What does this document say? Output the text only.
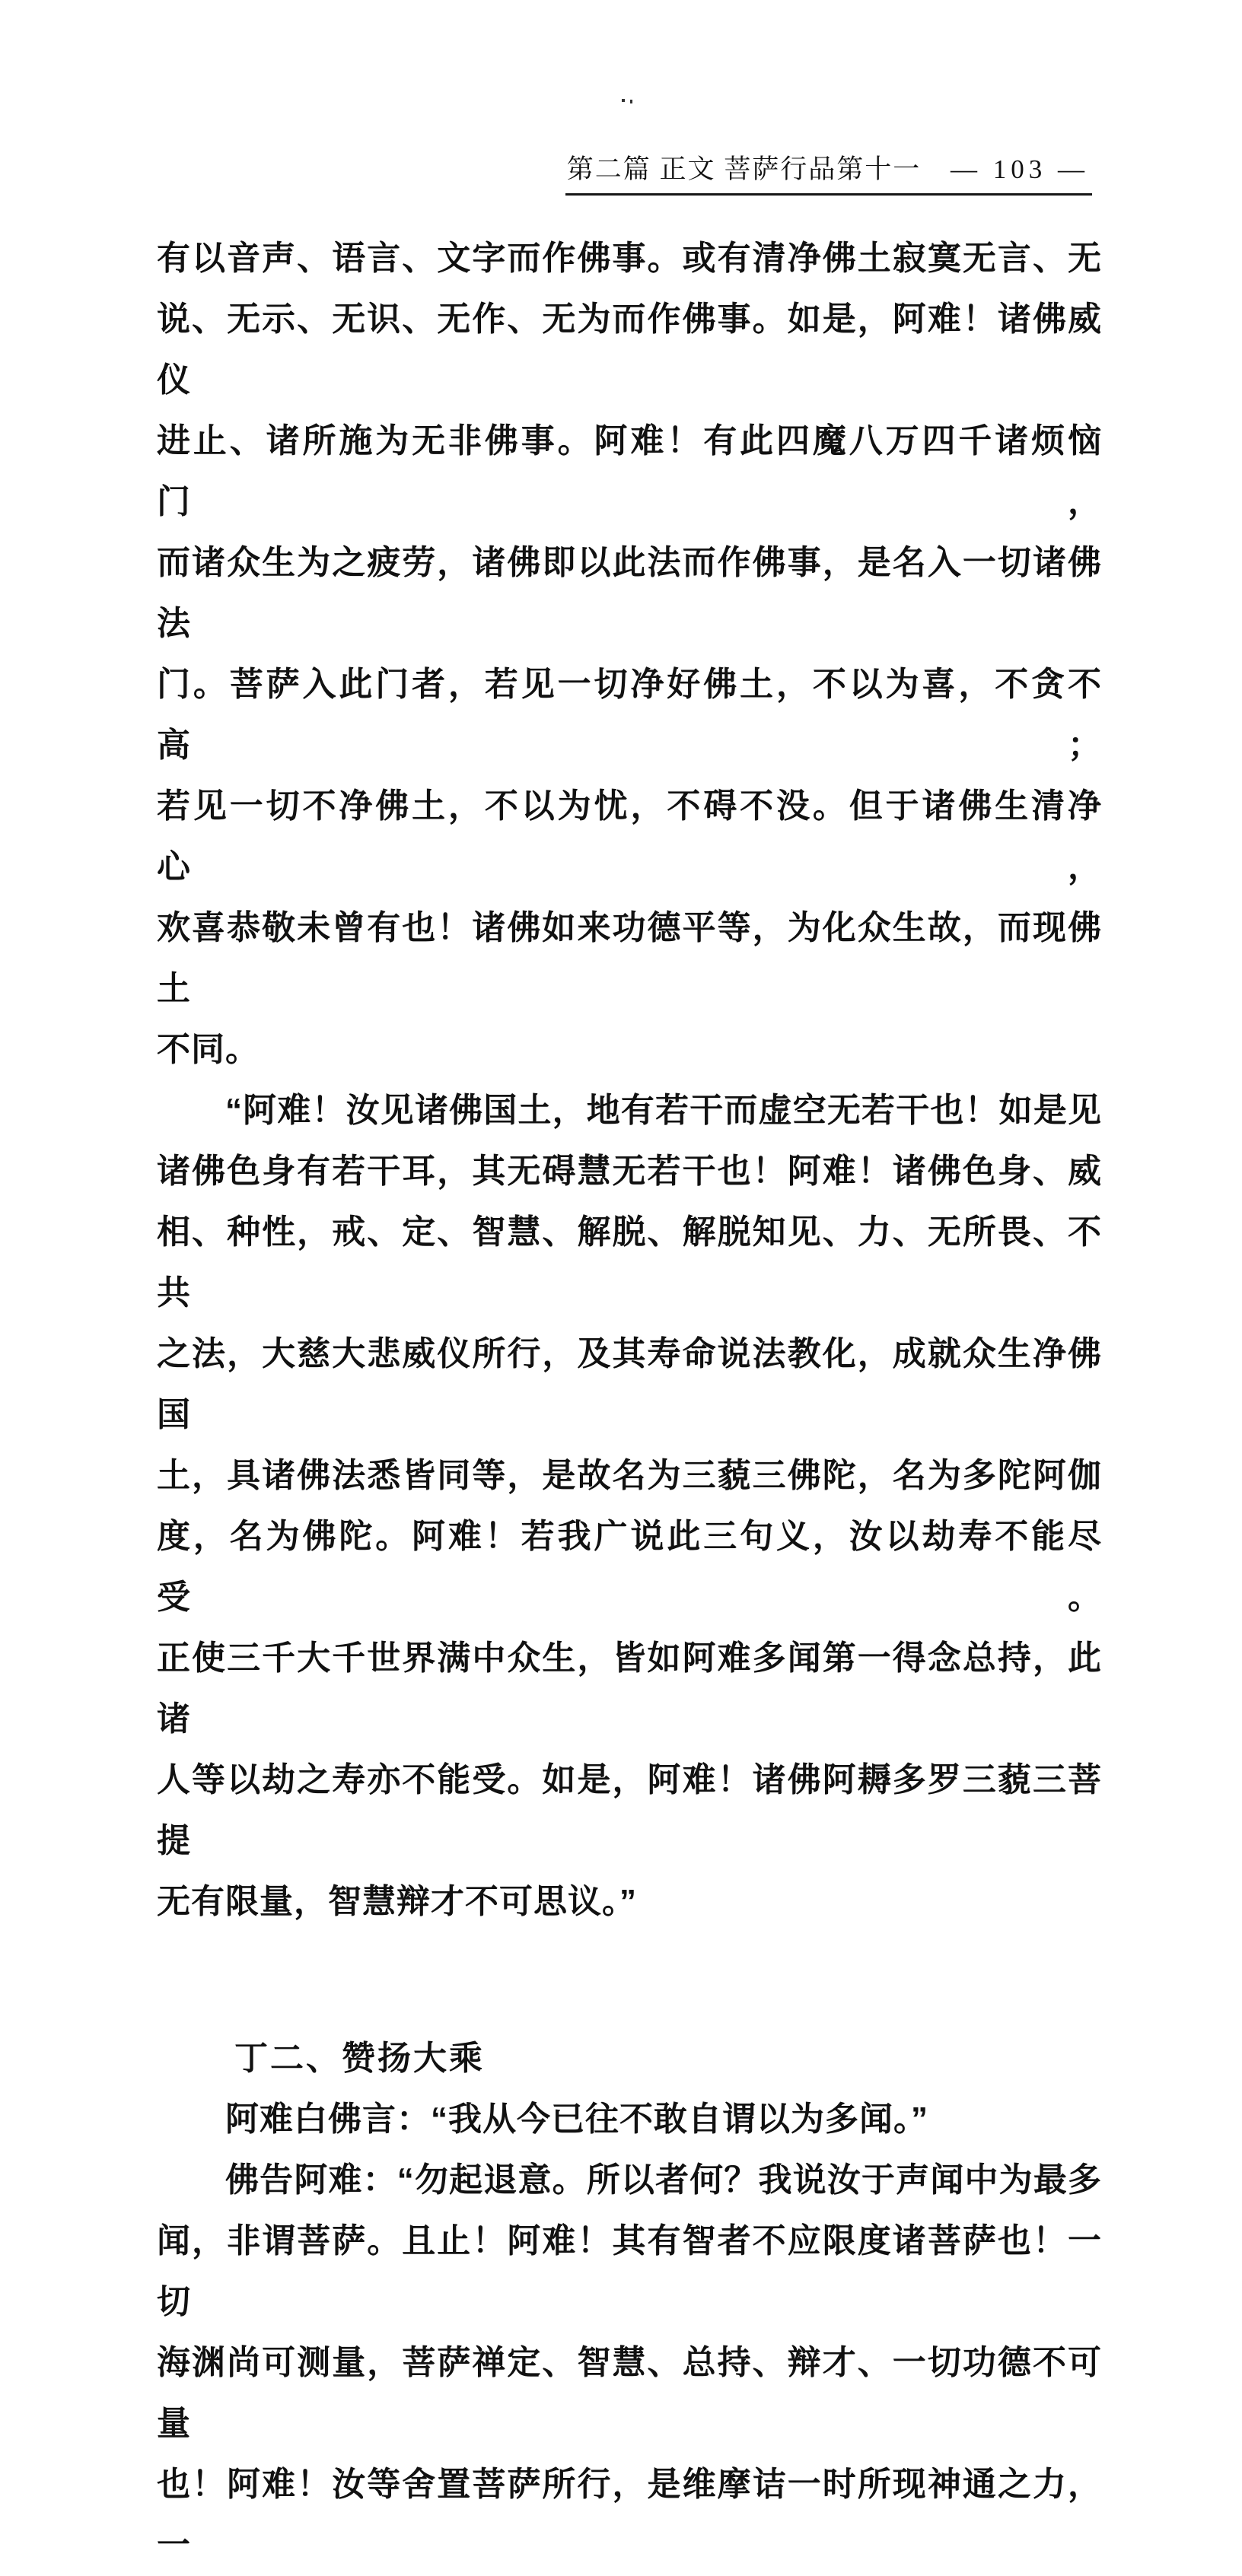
第二篇 正文 菩萨行品第十一 — 103 —
有以音声、语言、文字而作佛事。或有清净佛土寂寞无言、无
说、无示、无识、无作、无为而作佛事。如是，阿难！诸佛威仪
进止、诸所施为无非佛事。阿难！有此四魔八万四千诸烦恼门，
而诸众生为之疲劳，诸佛即以此法而作佛事，是名入一切诸佛法
门。菩萨入此门者，若见一切净好佛土，不以为喜，不贪不高；
若见一切不净佛土，不以为忧，不碍不没。但于诸佛生清净心，
欢喜恭敬未曾有也！诸佛如来功德平等，为化众生故，而现佛土
不同。
“阿难！汝见诸佛国土，地有若干而虚空无若干也！如是见
诸佛色身有若干耳，其无碍慧无若干也！阿难！诸佛色身、威
相、种性，戒、定、智慧、解脱、解脱知见、力、无所畏、不共
之法，大慈大悲威仪所行，及其寿命说法教化，成就众生净佛国
土，具诸佛法悉皆同等，是故名为三藐三佛陀，名为多陀阿伽
度，名为佛陀。阿难！若我广说此三句义，汝以劫寿不能尽受。
正使三千大千世界满中众生，皆如阿难多闻第一得念总持，此诸
人等以劫之寿亦不能受。如是，阿难！诸佛阿耨多罗三藐三菩提
无有限量，智慧辩才不可思议。”
丁二、赞扬大乘
阿难白佛言：“我从今已往不敢自谓以为多闻。”
佛告阿难：“勿起退意。所以者何？我说汝于声闻中为最多
闻，非谓菩萨。且止！阿难！其有智者不应限度诸菩萨也！一切
海渊尚可测量，菩萨禅定、智慧、总持、辩才、一切功德不可量
也！阿难！汝等舍置菩萨所行，是维摩诘一时所现神通之力，一
